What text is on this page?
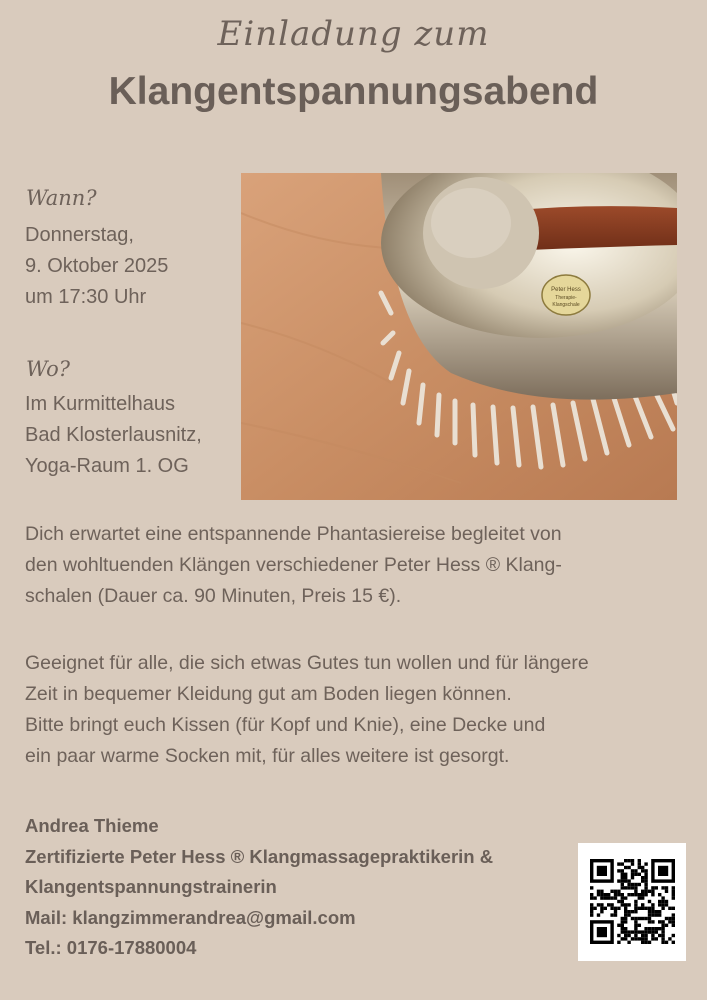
Einladung zum
Klangentspannungsabend
Wann?
Donnerstag,
9. Oktober 2025
um 17:30 Uhr
Wo?
Im Kurmittelhaus
Bad Klosterlausnitz,
Yoga-Raum 1. OG
Peter Hess
Therapie-
Klangschale
Dich erwartet eine entspannende Phantasiereise begleitet von
den wohltuenden Klängen verschiedener Peter Hess ® Klang-
schalen (Dauer ca. 90 Minuten, Preis 15 €).
Geeignet für alle, die sich etwas Gutes tun wollen und für längere
Zeit in bequemer Kleidung gut am Boden liegen können.
Bitte bringt euch Kissen (für Kopf und Knie), eine Decke und
ein paar warme Socken mit, für alles weitere ist gesorgt.
Andrea Thieme
Zertifizierte Peter Hess ® Klangmassagepraktikerin &
Klangentspannungstrainerin
Mail: klangzimmerandrea@gmail.com
Tel.: 0176-17880004
